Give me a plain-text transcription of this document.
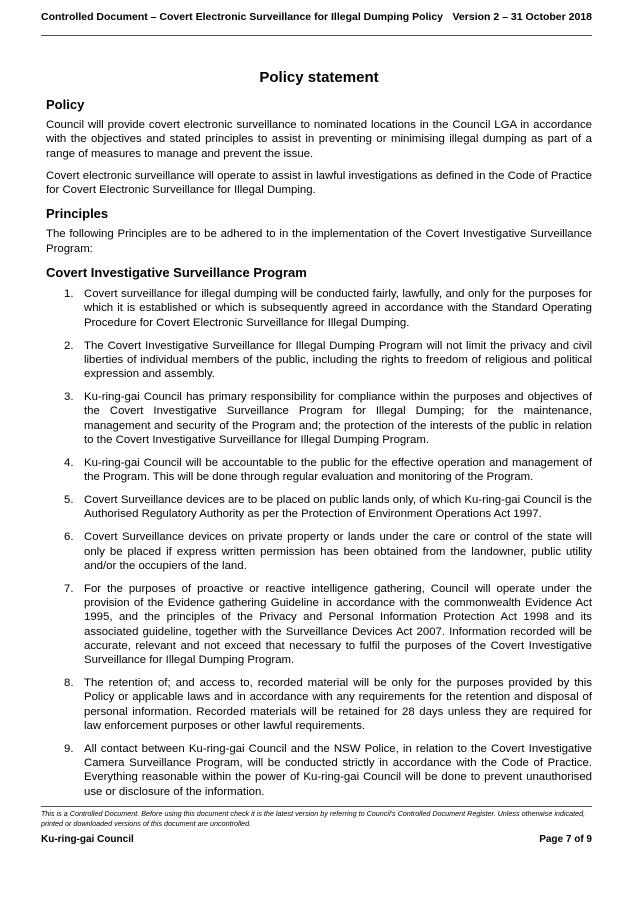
Controlled Document – Covert Electronic Surveillance for Illegal Dumping Policy Version 2 – 31 October 2018
Policy statement
Policy

Council will provide covert electronic surveillance to nominated locations in the Council LGA in accordance with the objectives and stated principles to assist in preventing or minimising illegal dumping as part of a range of measures to manage and prevent the issue.

Covert electronic surveillance will operate to assist in lawful investigations as defined in the Code of Practice for Covert Electronic Surveillance for Illegal Dumping.

Principles

The following Principles are to be adhered to in the implementation of the Covert Investigative Surveillance Program:

Covert Investigative Surveillance Program
1. Covert surveillance for illegal dumping will be conducted fairly, lawfully, and only for the purposes for which it is established or which is subsequently agreed in accordance with the Standard Operating Procedure for Covert Electronic Surveillance for Illegal Dumping.
2. The Covert Investigative Surveillance for Illegal Dumping Program will not limit the privacy and civil liberties of individual members of the public, including the rights to freedom of religious and political expression and assembly.
3. Ku-ring-gai Council has primary responsibility for compliance within the purposes and objectives of the Covert Investigative Surveillance Program for Illegal Dumping; for the maintenance, management and security of the Program and; the protection of the interests of the public in relation to the Covert Investigative Surveillance for Illegal Dumping Program.
4. Ku-ring-gai Council will be accountable to the public for the effective operation and management of the Program. This will be done through regular evaluation and monitoring of the Program.
5. Covert Surveillance devices are to be placed on public lands only, of which Ku-ring-gai Council is the Authorised Regulatory Authority as per the Protection of Environment Operations Act 1997.
6. Covert Surveillance devices on private property or lands under the care or control of the state will only be placed if express written permission has been obtained from the landowner, public utility and/or the occupiers of the land.
7. For the purposes of proactive or reactive intelligence gathering, Council will operate under the provision of the Evidence gathering Guideline in accordance with the commonwealth Evidence Act 1995, and the principles of the Privacy and Personal Information Protection Act 1998 and its associated guideline, together with the Surveillance Devices Act 2007. Information recorded will be accurate, relevant and not exceed that necessary to fulfil the purposes of the Covert Investigative Surveillance for Illegal Dumping Program.
8. The retention of; and access to, recorded material will be only for the purposes provided by this Policy or applicable laws and in accordance with any requirements for the retention and disposal of personal information. Recorded materials will be retained for 28 days unless they are required for law enforcement purposes or other lawful requirements.
9. All contact between Ku-ring-gai Council and the NSW Police, in relation to the Covert Investigative Camera Surveillance Program, will be conducted strictly in accordance with the Code of Practice. Everything reasonable within the power of Ku-ring-gai Council will be done to prevent unauthorised use or disclosure of the information.
This is a Controlled Document. Before using this document check it is the latest version by referring to Council’s Controlled Document Register. Unless otherwise indicated, printed or downloaded versions of this document are uncontrolled.
Ku-ring-gai Council	Page 7 of 9
